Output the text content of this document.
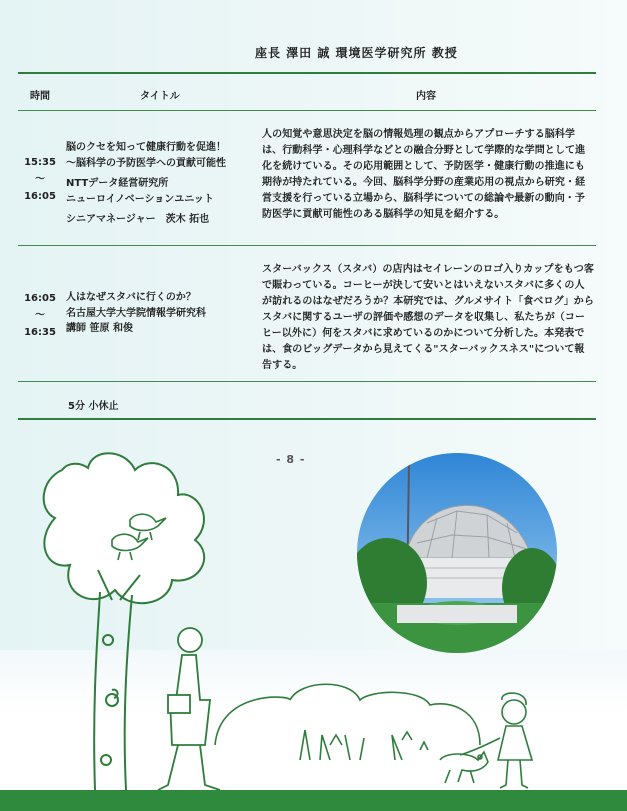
座長 澤田 誠 環境医学研究所 教授
時間	タイトル	内容
15:35
～
16:05
脳のクセを知って健康行動を促進！
～脳科学の予防医学への貢献可能性
NTTデータ経営研究所
ニューロイノベーションユニット
シニアマネージャー　茨木 拓也
人の知覚や意思決定を脳の情報処理の観点からアプローチする脳科学は、行動科学・心理科学などとの融合分野として学際的な学問として進化を続けている。その応用範囲として、予防医学・健康行動の推進にも期待が持たれている。今回、脳科学分野の産業応用の視点から研究・経営支援を行っている立場から、脳科学についての総論や最新の動向・予防医学に貢献可能性のある脳科学の知見を紹介する。
16:05
～
16:35
人はなぜスタバに行くのか？
名古屋大学大学院情報学研究科
講師 笹原 和俊
スターバックス（スタバ）の店内はセイレーンのロゴ入りカップをもつ客で賑わっている。コーヒーが決して安いとはいえないスタバに多くの人が訪れるのはなぜだろうか？本研究では、グルメサイト「食べログ」からスタバに関するユーザの評価や感想のデータを収集し、私たちが（コーヒー以外に）何をスタバに求めているのかについて分析した。本発表では、食のビッグデータから見えてくる"スターバックスネス"について報告する。
5分 小休止
- 8 -
